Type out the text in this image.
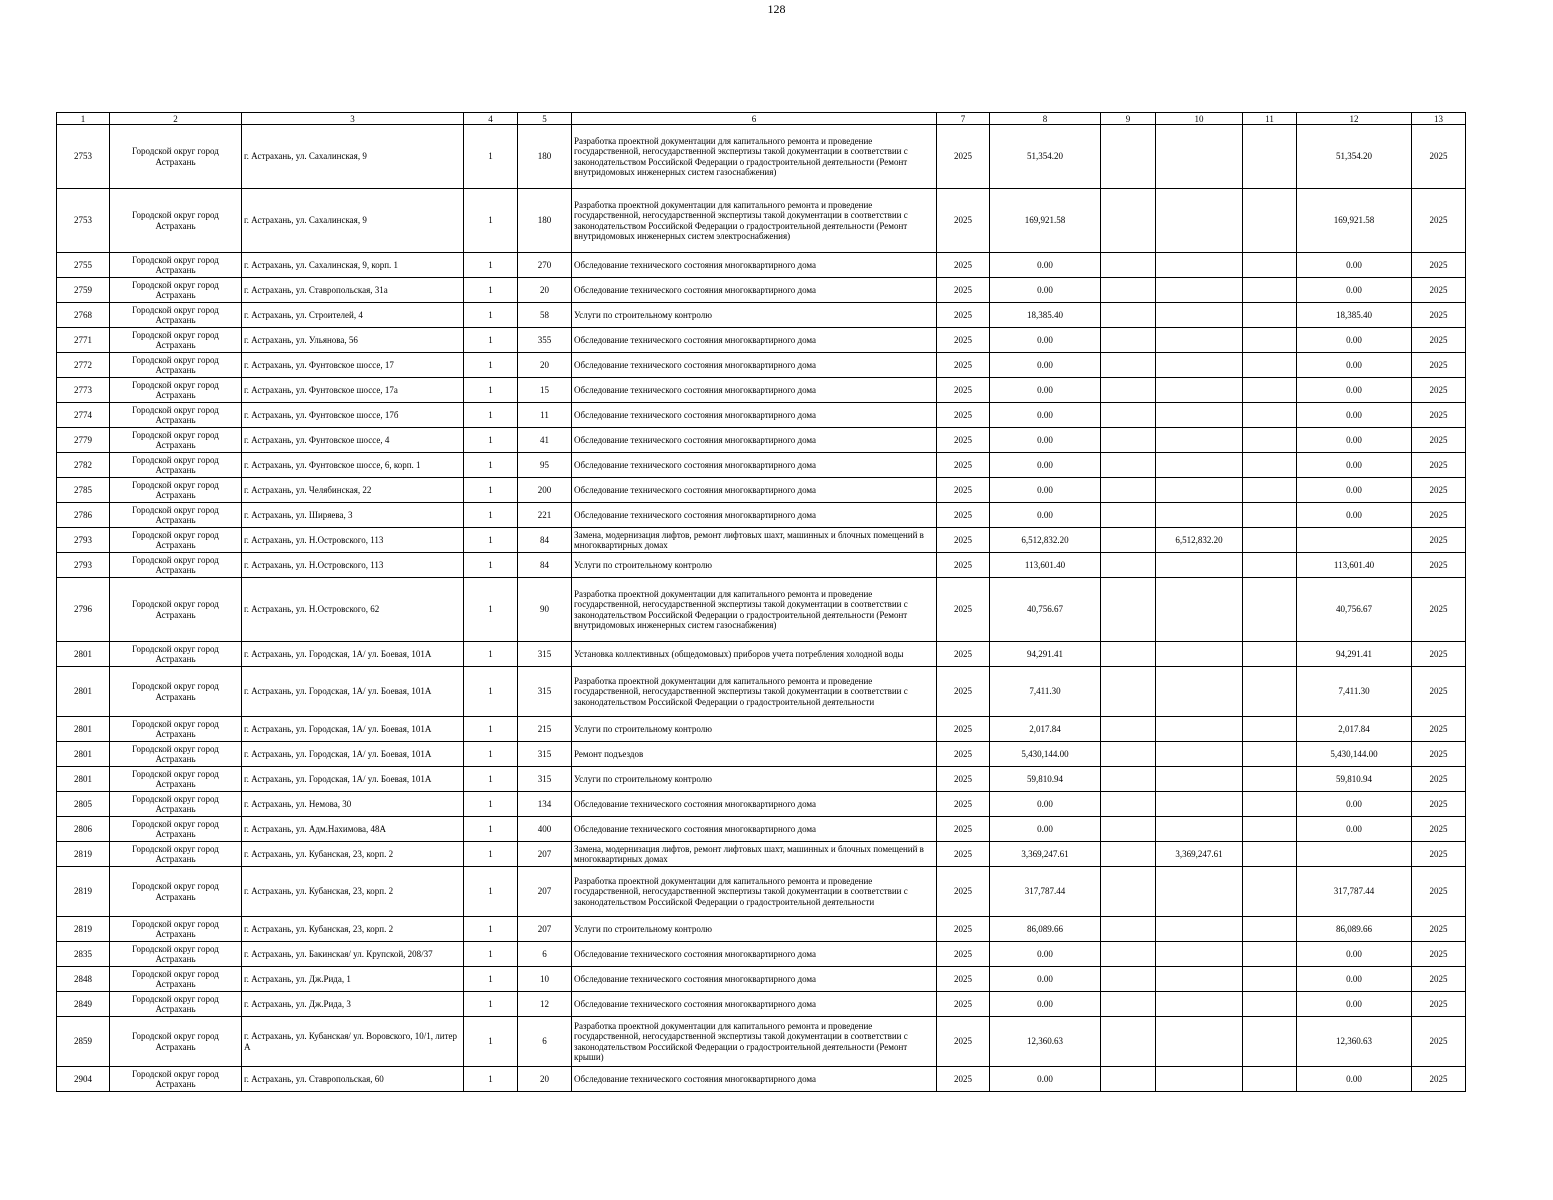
128
1	2	3	4	5	6	7	8	9	10	11	12	13
2753	Городской округ город Астрахань	г. Астрахань, ул. Сахалинская, 9	1	180	Разработка проектной документации для капитального ремонта и проведение государственной, негосударственной экспертизы такой документации в соответствии с законодательством Российской Федерации о градостроительной деятельности (Ремонт внутридомовых инженерных систем газоснабжения)	2025	51,354.20				51,354.20	2025
2753	Городской округ город Астрахань	г. Астрахань, ул. Сахалинская, 9	1	180	Разработка проектной документации для капитального ремонта и проведение государственной, негосударственной экспертизы такой документации в соответствии с законодательством Российской Федерации о градостроительной деятельности (Ремонт внутридомовых инженерных систем электроснабжения)	2025	169,921.58				169,921.58	2025
2755	Городской округ город Астрахань	г. Астрахань, ул. Сахалинская, 9, корп. 1	1	270	Обследование технического состояния многоквартирного дома	2025	0.00				0.00	2025
2759	Городской округ город Астрахань	г. Астрахань, ул. Ставропольская, 31а	1	20	Обследование технического состояния многоквартирного дома	2025	0.00				0.00	2025
2768	Городской округ город Астрахань	г. Астрахань, ул. Строителей, 4	1	58	Услуги по строительному контролю	2025	18,385.40				18,385.40	2025
2771	Городской округ город Астрахань	г. Астрахань, ул. Ульянова, 56	1	355	Обследование технического состояния многоквартирного дома	2025	0.00				0.00	2025
2772	Городской округ город Астрахань	г. Астрахань, ул. Фунтовское шоссе, 17	1	20	Обследование технического состояния многоквартирного дома	2025	0.00				0.00	2025
2773	Городской округ город Астрахань	г. Астрахань, ул. Фунтовское шоссе, 17а	1	15	Обследование технического состояния многоквартирного дома	2025	0.00				0.00	2025
2774	Городской округ город Астрахань	г. Астрахань, ул. Фунтовское шоссе, 17б	1	11	Обследование технического состояния многоквартирного дома	2025	0.00				0.00	2025
2779	Городской округ город Астрахань	г. Астрахань, ул. Фунтовское шоссе, 4	1	41	Обследование технического состояния многоквартирного дома	2025	0.00				0.00	2025
2782	Городской округ город Астрахань	г. Астрахань, ул. Фунтовское шоссе, 6, корп. 1	1	95	Обследование технического состояния многоквартирного дома	2025	0.00				0.00	2025
2785	Городской округ город Астрахань	г. Астрахань, ул. Челябинская, 22	1	200	Обследование технического состояния многоквартирного дома	2025	0.00				0.00	2025
2786	Городской округ город Астрахань	г. Астрахань, ул. Ширяева, 3	1	221	Обследование технического состояния многоквартирного дома	2025	0.00				0.00	2025
2793	Городской округ город Астрахань	г. Астрахань, ул. Н.Островского, 113	1	84	Замена, модернизация лифтов, ремонт лифтовых шахт, машинных и блочных помещений в многоквартирных домах	2025	6,512,832.20		6,512,832.20			2025
2793	Городской округ город Астрахань	г. Астрахань, ул. Н.Островского, 113	1	84	Услуги по строительному контролю	2025	113,601.40				113,601.40	2025
2796	Городской округ город Астрахань	г. Астрахань, ул. Н.Островского, 62	1	90	Разработка проектной документации для капитального ремонта и проведение государственной, негосударственной экспертизы такой документации в соответствии с законодательством Российской Федерации о градостроительной деятельности (Ремонт внутридомовых инженерных систем газоснабжения)	2025	40,756.67				40,756.67	2025
2801	Городской округ город Астрахань	г. Астрахань, ул. Городская, 1А/ ул. Боевая, 101А	1	315	Установка коллективных (общедомовых) приборов учета потребления холодной воды	2025	94,291.41				94,291.41	2025
2801	Городской округ город Астрахань	г. Астрахань, ул. Городская, 1А/ ул. Боевая, 101А	1	315	Разработка проектной документации для капитального ремонта и проведение государственной, негосударственной экспертизы такой документации в соответствии с законодательством Российской Федерации о градостроительной деятельности	2025	7,411.30				7,411.30	2025
2801	Городской округ город Астрахань	г. Астрахань, ул. Городская, 1А/ ул. Боевая, 101А	1	215	Услуги по строительному контролю	2025	2,017.84				2,017.84	2025
2801	Городской округ город Астрахань	г. Астрахань, ул. Городская, 1А/ ул. Боевая, 101А	1	315	Ремонт подъездов	2025	5,430,144.00				5,430,144.00	2025
2801	Городской округ город Астрахань	г. Астрахань, ул. Городская, 1А/ ул. Боевая, 101А	1	315	Услуги по строительному контролю	2025	59,810.94				59,810.94	2025
2805	Городской округ город Астрахань	г. Астрахань, ул. Немова, 30	1	134	Обследование технического состояния многоквартирного дома	2025	0.00				0.00	2025
2806	Городской округ город Астрахань	г. Астрахань, ул. Адм.Нахимова, 48А	1	400	Обследование технического состояния многоквартирного дома	2025	0.00				0.00	2025
2819	Городской округ город Астрахань	г. Астрахань, ул. Кубанская, 23, корп. 2	1	207	Замена, модернизация лифтов, ремонт лифтовых шахт, машинных и блочных помещений в многоквартирных домах	2025	3,369,247.61		3,369,247.61			2025
2819	Городской округ город Астрахань	г. Астрахань, ул. Кубанская, 23, корп. 2	1	207	Разработка проектной документации для капитального ремонта и проведение государственной, негосударственной экспертизы такой документации в соответствии с законодательством Российской Федерации о градостроительной деятельности	2025	317,787.44				317,787.44	2025
2819	Городской округ город Астрахань	г. Астрахань, ул. Кубанская, 23, корп. 2	1	207	Услуги по строительному контролю	2025	86,089.66				86,089.66	2025
2835	Городской округ город Астрахань	г. Астрахань, ул. Бакинская/ ул. Крупской, 208/37	1	6	Обследование технического состояния многоквартирного дома	2025	0.00				0.00	2025
2848	Городской округ город Астрахань	г. Астрахань, ул. Дж.Рида, 1	1	10	Обследование технического состояния многоквартирного дома	2025	0.00				0.00	2025
2849	Городской округ город Астрахань	г. Астрахань, ул. Дж.Рида, 3	1	12	Обследование технического состояния многоквартирного дома	2025	0.00				0.00	2025
2859	Городской округ город Астрахань	г. Астрахань, ул. Кубанская/ ул. Воровского, 10/1, литер А	1	6	Разработка проектной документации для капитального ремонта и проведение государственной, негосударственной экспертизы такой документации в соответствии с законодательством Российской Федерации о градостроительной деятельности (Ремонт крыши)	2025	12,360.63				12,360.63	2025
2904	Городской округ город Астрахань	г. Астрахань, ул. Ставропольская, 60	1	20	Обследование технического состояния многоквартирного дома	2025	0.00				0.00	2025
